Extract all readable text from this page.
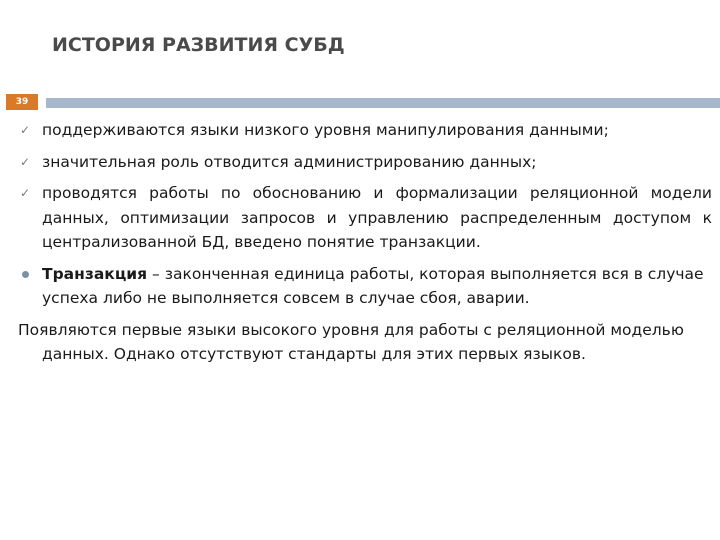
ИСТОРИЯ РАЗВИТИЯ СУБД
39
✓ поддерживаются языки низкого уровня манипулирования данными;
✓ значительная роль отводится администрированию данных;
✓ проводятся работы по обоснованию и формализации реляционной модели данных, оптимизации запросов и управлению распределенным доступом к централизованной БД, введено понятие транзакции.
Транзакция – законченная единица работы, которая выполняется вся в случае успеха либо не выполняется совсем в случае сбоя, аварии.
Появляются первые языки высокого уровня для работы с реляционной моделью данных. Однако отсутствуют стандарты для этих первых языков.
